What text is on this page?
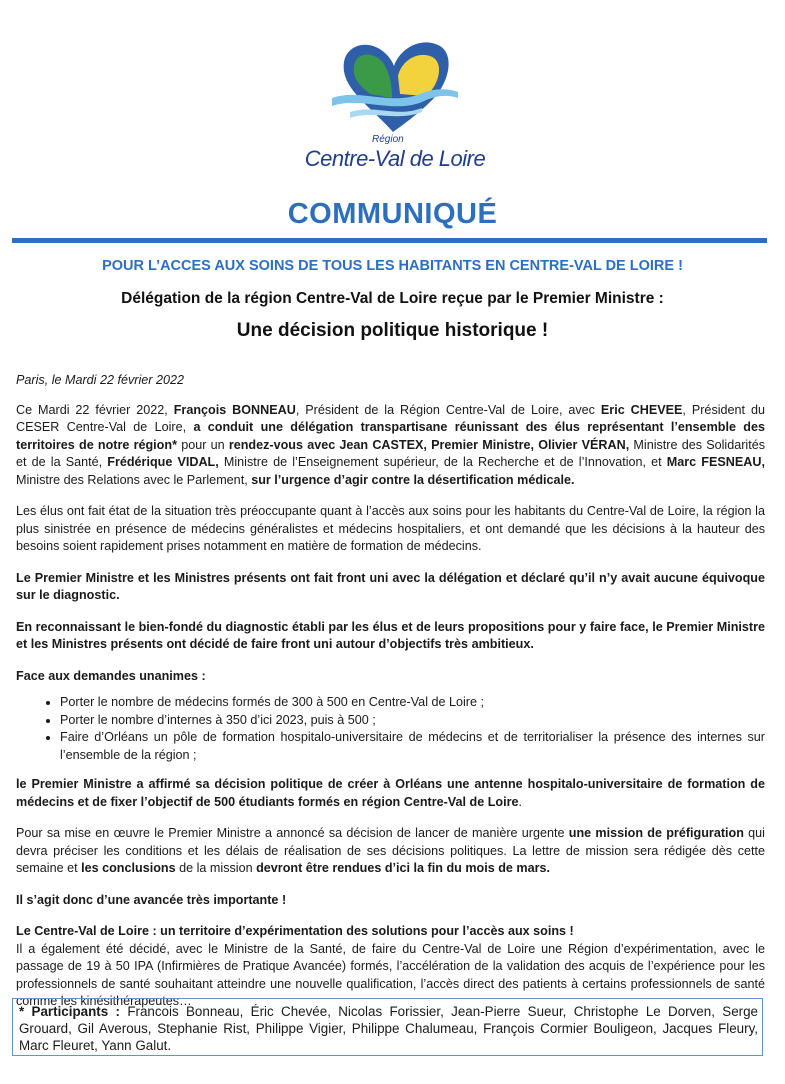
Région
Centre-Val de Loire
COMMUNIQUÉ
POUR L’ACCES AUX SOINS DE TOUS LES HABITANTS EN CENTRE-VAL DE LOIRE !
Délégation de la région Centre-Val de Loire reçue par le Premier Ministre :
Une décision politique historique !

Paris, le Mardi 22 février 2022

Ce Mardi 22 février 2022, François BONNEAU, Président de la Région Centre-Val de Loire, avec Eric CHEVEE, Président du CESER Centre-Val de Loire, a conduit une délégation transpartisane réunissant des élus représentant l’ensemble des territoires de notre région* pour un rendez-vous avec Jean CASTEX, Premier Ministre, Olivier VÉRAN, Ministre des Solidarités et de la Santé, Frédérique VIDAL, Ministre de l’Enseignement supérieur, de la Recherche et de l’Innovation, et Marc FESNEAU, Ministre des Relations avec le Parlement, sur l’urgence d’agir contre la désertification médicale.

Les élus ont fait état de la situation très préoccupante quant à l’accès aux soins pour les habitants du Centre-Val de Loire, la région la plus sinistrée en présence de médecins généralistes et médecins hospitaliers, et ont demandé que les décisions à la hauteur des besoins soient rapidement prises notamment en matière de formation de médecins.

Le Premier Ministre et les Ministres présents ont fait front uni avec la délégation et déclaré qu’il n’y avait aucune équivoque sur le diagnostic.

En reconnaissant le bien-fondé du diagnostic établi par les élus et de leurs propositions pour y faire face, le Premier Ministre et les Ministres présents ont décidé de faire front uni autour d’objectifs très ambitieux.

Face aux demandes unanimes :

• Porter le nombre de médecins formés de 300 à 500 en Centre-Val de Loire ;
• Porter le nombre d’internes à 350 d’ici 2023, puis à 500 ;
• Faire d’Orléans un pôle de formation hospitalo-universitaire de médecins et de territorialiser la présence des internes sur l’ensemble de la région ;

le Premier Ministre a affirmé sa décision politique de créer à Orléans une antenne hospitalo-universitaire de formation de médecins et de fixer l’objectif de 500 étudiants formés en région Centre-Val de Loire.

Pour sa mise en œuvre le Premier Ministre a annoncé sa décision de lancer de manière urgente une mission de préfiguration qui devra préciser les conditions et les délais de réalisation de ses décisions politiques. La lettre de mission sera rédigée dès cette semaine et les conclusions de la mission devront être rendues d’ici la fin du mois de mars.

Il s’agit donc d’une avancée très importante !

Le Centre-Val de Loire : un territoire d’expérimentation des solutions pour l’accès aux soins !
Il a également été décidé, avec le Ministre de la Santé, de faire du Centre-Val de Loire une Région d’expérimentation, avec le passage de 19 à 50 IPA (Infirmières de Pratique Avancée) formés, l’accélération de la validation des acquis de l’expérience pour les professionnels de santé souhaitant atteindre une nouvelle qualification, l’accès direct des patients à certains professionnels de santé comme les kinésithérapeutes…

* Participants : Francois Bonneau, Éric Chevée, Nicolas Forissier, Jean-Pierre Sueur, Christophe Le Dorven, Serge Grouard, Gil Averous, Stephanie Rist, Philippe Vigier, Philippe Chalumeau, François Cormier Bouligeon, Jacques Fleury, Marc Fleuret, Yann Galut.
